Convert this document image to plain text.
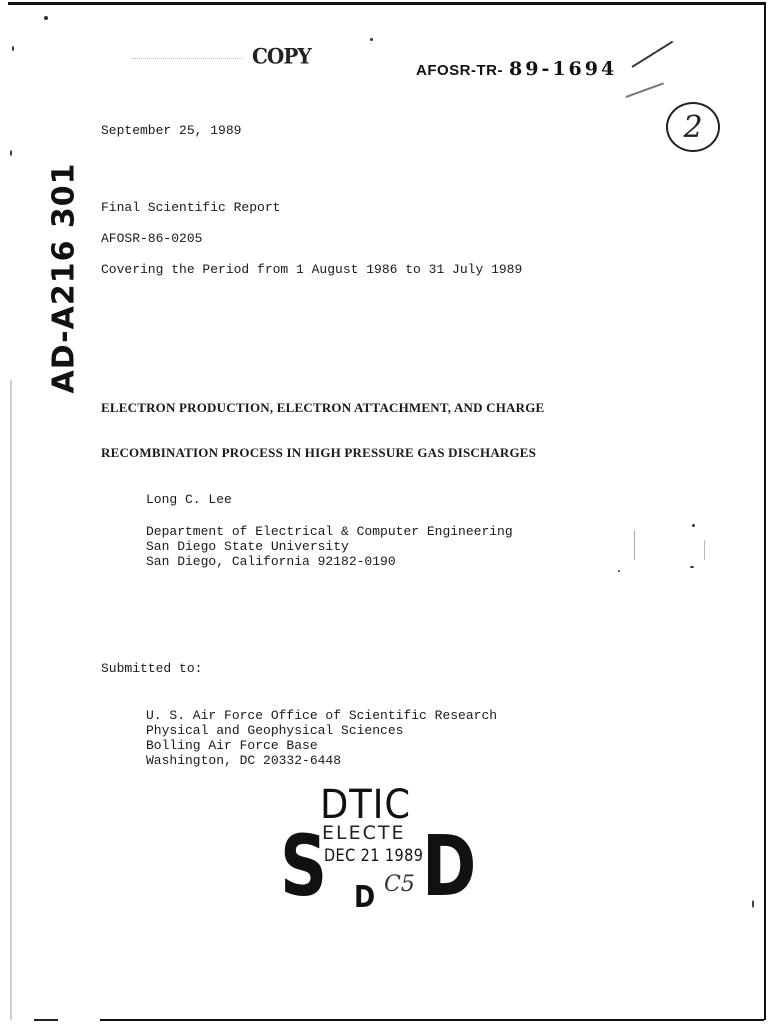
COPY
AFOSR-TR- 89-1694
2
AD-A216 301
September 25, 1989
Final Scientific Report
AFOSR-86-0205
Covering the Period from 1 August 1986 to 31 July 1989

ELECTRON PRODUCTION, ELECTRON ATTACHMENT, AND CHARGE

RECOMBINATION PROCESS IN HIGH PRESSURE GAS DISCHARGES

Long C. Lee
Department of Electrical & Computer Engineering
San Diego State University
San Diego, California 92182-0190
Submitted to:
U. S. Air Force Office of Scientific Research
Physical and Geophysical Sciences
Bolling Air Force Base
Washington, DC 20332-6448
DTIC
S
ELECTE
DEC 21 1989
D
D C5
